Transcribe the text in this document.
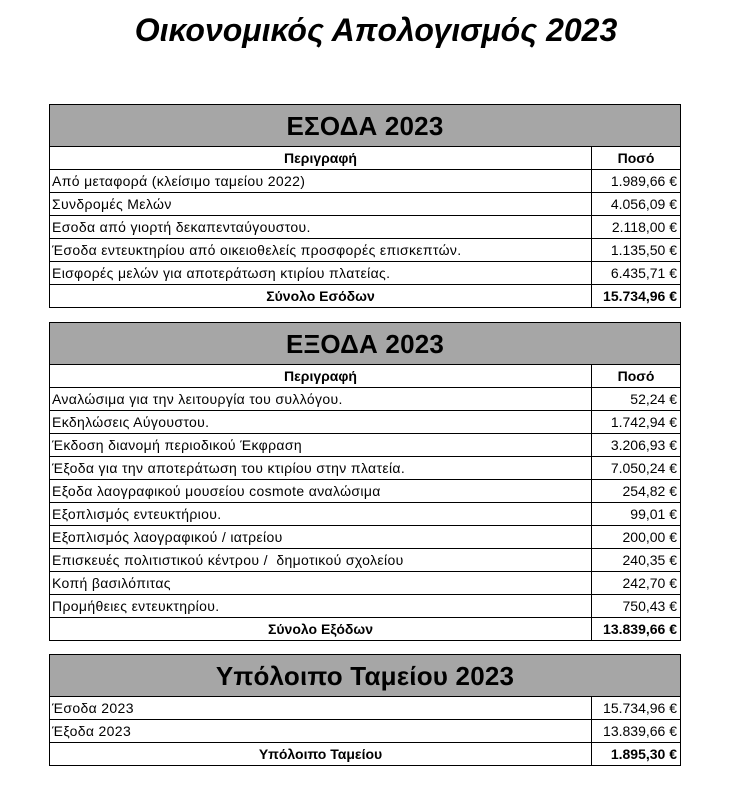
Οικονομικός Απολογισμός 2023
ΕΣΟΔΑ 2023	
Περιγραφή	Ποσό
Από μεταφορά (κλείσιμο ταμείου 2022)	1.989,66 €
Συνδρομές Μελών	4.056,09 €
Εσοδα από γιορτή δεκαπενταύγουστου.	2.118,00 €
Έσοδα εντευκτηρίου από οικειοθελείς προσφορές επισκεπτών.	1.135,50 €
Εισφορές μελών για αποτεράτωση κτιρίου πλατείας.	6.435,71 €
Σύνολο Εσόδων	15.734,96 €
ΕΞΟΔΑ 2023	
Περιγραφή	Ποσό
Αναλώσιμα για την λειτουργία του συλλόγου.	52,24 €
Εκδηλώσεις Αύγουστου.	1.742,94 €
Έκδοση διανομή περιοδικού Έκφραση	3.206,93 €
Έξοδα για την αποτεράτωση του κτιρίου στην πλατεία.	7.050,24 €
Εξοδα λαογραφικού μουσείου cosmote αναλώσιμα	254,82 €
Εξοπλισμός εντευκτήριου.	99,01 €
Εξοπλισμός λαογραφικού / ιατρείου	200,00 €
Επισκευές πολιτιστικού κέντρου /  δημοτικού σχολείου	240,35 €
Κοπή βασιλόπιτας	242,70 €
Προμήθειες εντευκτηρίου.	750,43 €
Σύνολο Εξόδων	13.839,66 €
Υπόλοιπο Ταμείου 2023	
Έσοδα 2023	15.734,96 €
Έξοδα 2023	13.839,66 €
Υπόλοιπο Ταμείου	1.895,30 €
